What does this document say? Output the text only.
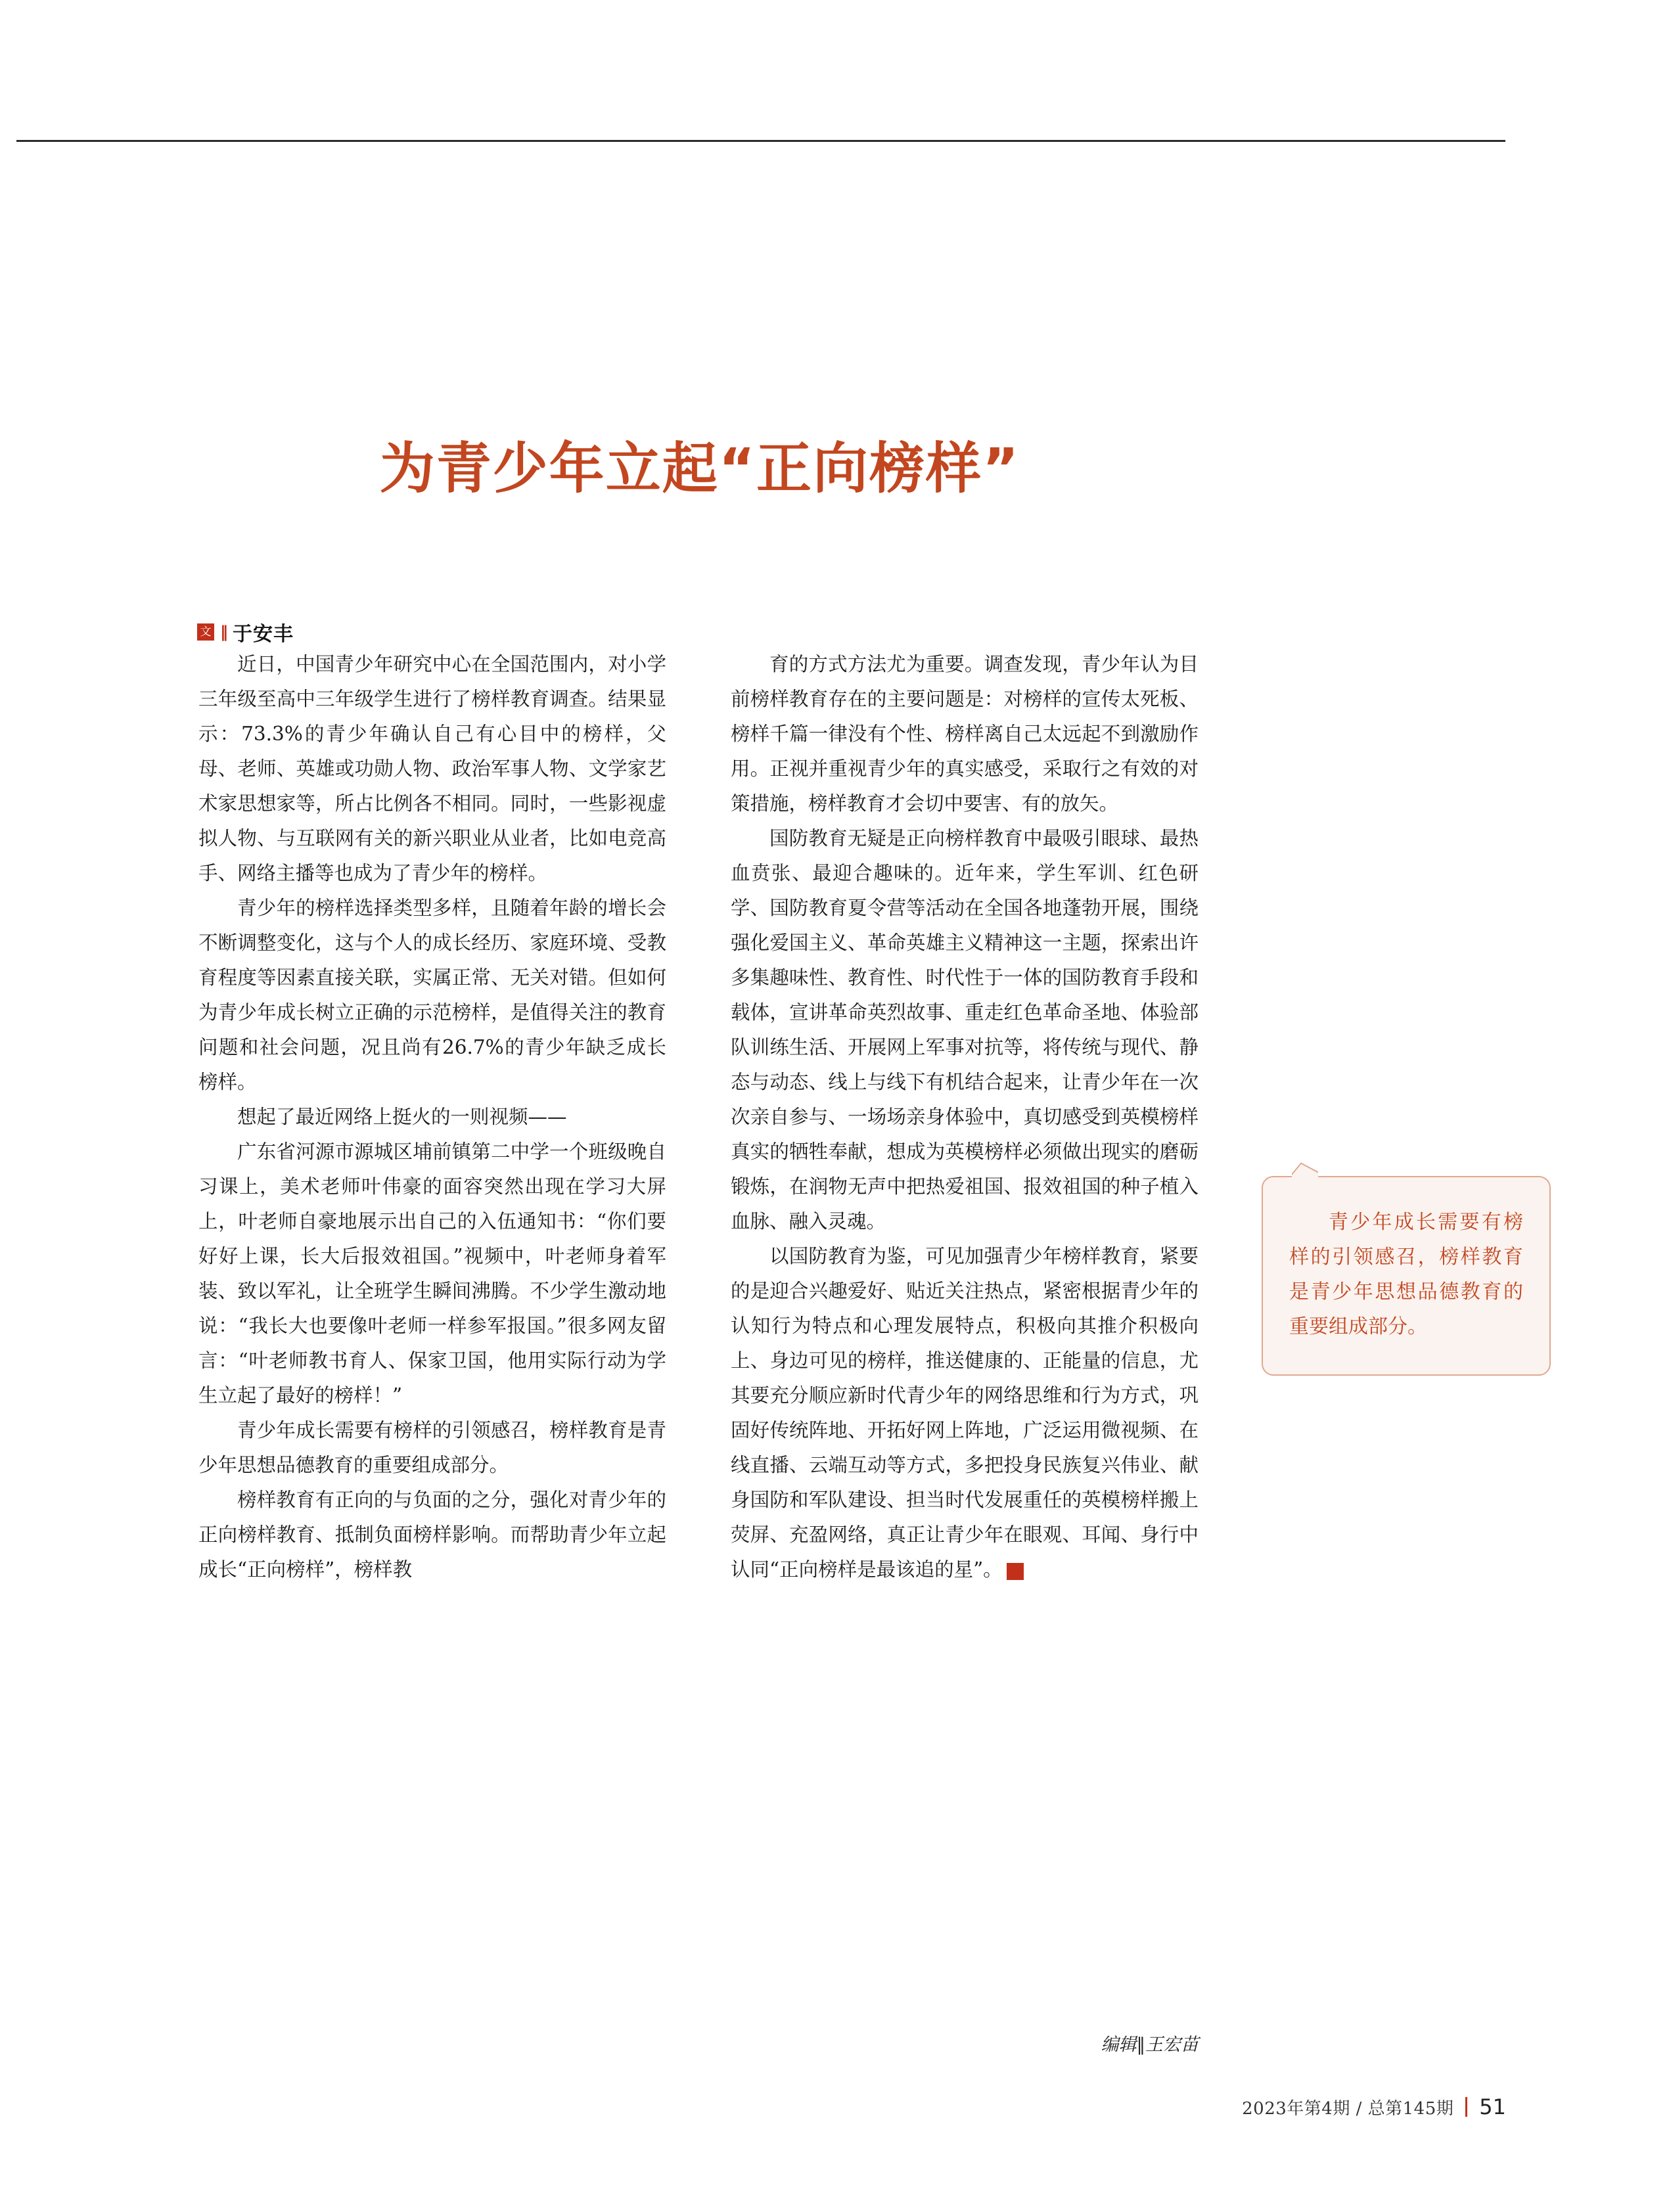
为青少年立起“正向榜样”
文 ‖ 于安丰

近日，中国青少年研究中心在全国范围内，对小学三年级至高中三年级学生进行了榜样教育调查。结果显示：73.3%的青少年确认自己有心目中的榜样，父母、老师、英雄或功勋人物、政治军事人物、文学家艺术家思想家等，所占比例各不相同。同时，一些影视虚拟人物、与互联网有关的新兴职业从业者，比如电竞高手、网络主播等也成为了青少年的榜样。

青少年的榜样选择类型多样，且随着年龄的增长会不断调整变化，这与个人的成长经历、家庭环境、受教育程度等因素直接关联，实属正常、无关对错。但如何为青少年成长树立正确的示范榜样，是值得关注的教育问题和社会问题，况且尚有26.7%的青少年缺乏成长榜样。

想起了最近网络上挺火的一则视频——

广东省河源市源城区埔前镇第二中学一个班级晚自习课上，美术老师叶伟豪的面容突然出现在学习大屏上，叶老师自豪地展示出自己的入伍通知书：“你们要好好上课，长大后报效祖国。”视频中，叶老师身着军装、致以军礼，让全班学生瞬间沸腾。不少学生激动地说：“我长大也要像叶老师一样参军报国。”很多网友留言：“叶老师教书育人、保家卫国，他用实际行动为学生立起了最好的榜样！”

青少年成长需要有榜样的引领感召，榜样教育是青少年思想品德教育的重要组成部分。

榜样教育有正向的与负面的之分，强化对青少年的正向榜样教育、抵制负面榜样影响。而帮助青少年立起成长“正向榜样”，榜样教

育的方式方法尤为重要。调查发现，青少年认为目前榜样教育存在的主要问题是：对榜样的宣传太死板、榜样千篇一律没有个性、榜样离自己太远起不到激励作用。正视并重视青少年的真实感受，采取行之有效的对策措施，榜样教育才会切中要害、有的放矢。

国防教育无疑是正向榜样教育中最吸引眼球、最热血贲张、最迎合趣味的。近年来，学生军训、红色研学、国防教育夏令营等活动在全国各地蓬勃开展，围绕强化爱国主义、革命英雄主义精神这一主题，探索出许多集趣味性、教育性、时代性于一体的国防教育手段和载体，宣讲革命英烈故事、重走红色革命圣地、体验部队训练生活、开展网上军事对抗等，将传统与现代、静态与动态、线上与线下有机结合起来，让青少年在一次次亲自参与、一场场亲身体验中，真切感受到英模榜样真实的牺牲奉献，想成为英模榜样必须做出现实的磨砺锻炼，在润物无声中把热爱祖国、报效祖国的种子植入血脉、融入灵魂。

以国防教育为鉴，可见加强青少年榜样教育，紧要的是迎合兴趣爱好、贴近关注热点，紧密根据青少年的认知行为特点和心理发展特点，积极向其推介积极向上、身边可见的榜样，推送健康的、正能量的信息，尤其要充分顺应新时代青少年的网络思维和行为方式，巩固好传统阵地、开拓好网上阵地，广泛运用微视频、在线直播、云端互动等方式，多把投身民族复兴伟业、献身国防和军队建设、担当时代发展重任的英模榜样搬上荧屏、充盈网络，真正让青少年在眼观、耳闻、身行中认同“正向榜样是最该追的星”。	G

青少年成长需要有榜样的引领感召，榜样教育是青少年思想品德教育的重要组成部分。
编辑‖王宏苗
2023年第4期 / 总第145期 51
